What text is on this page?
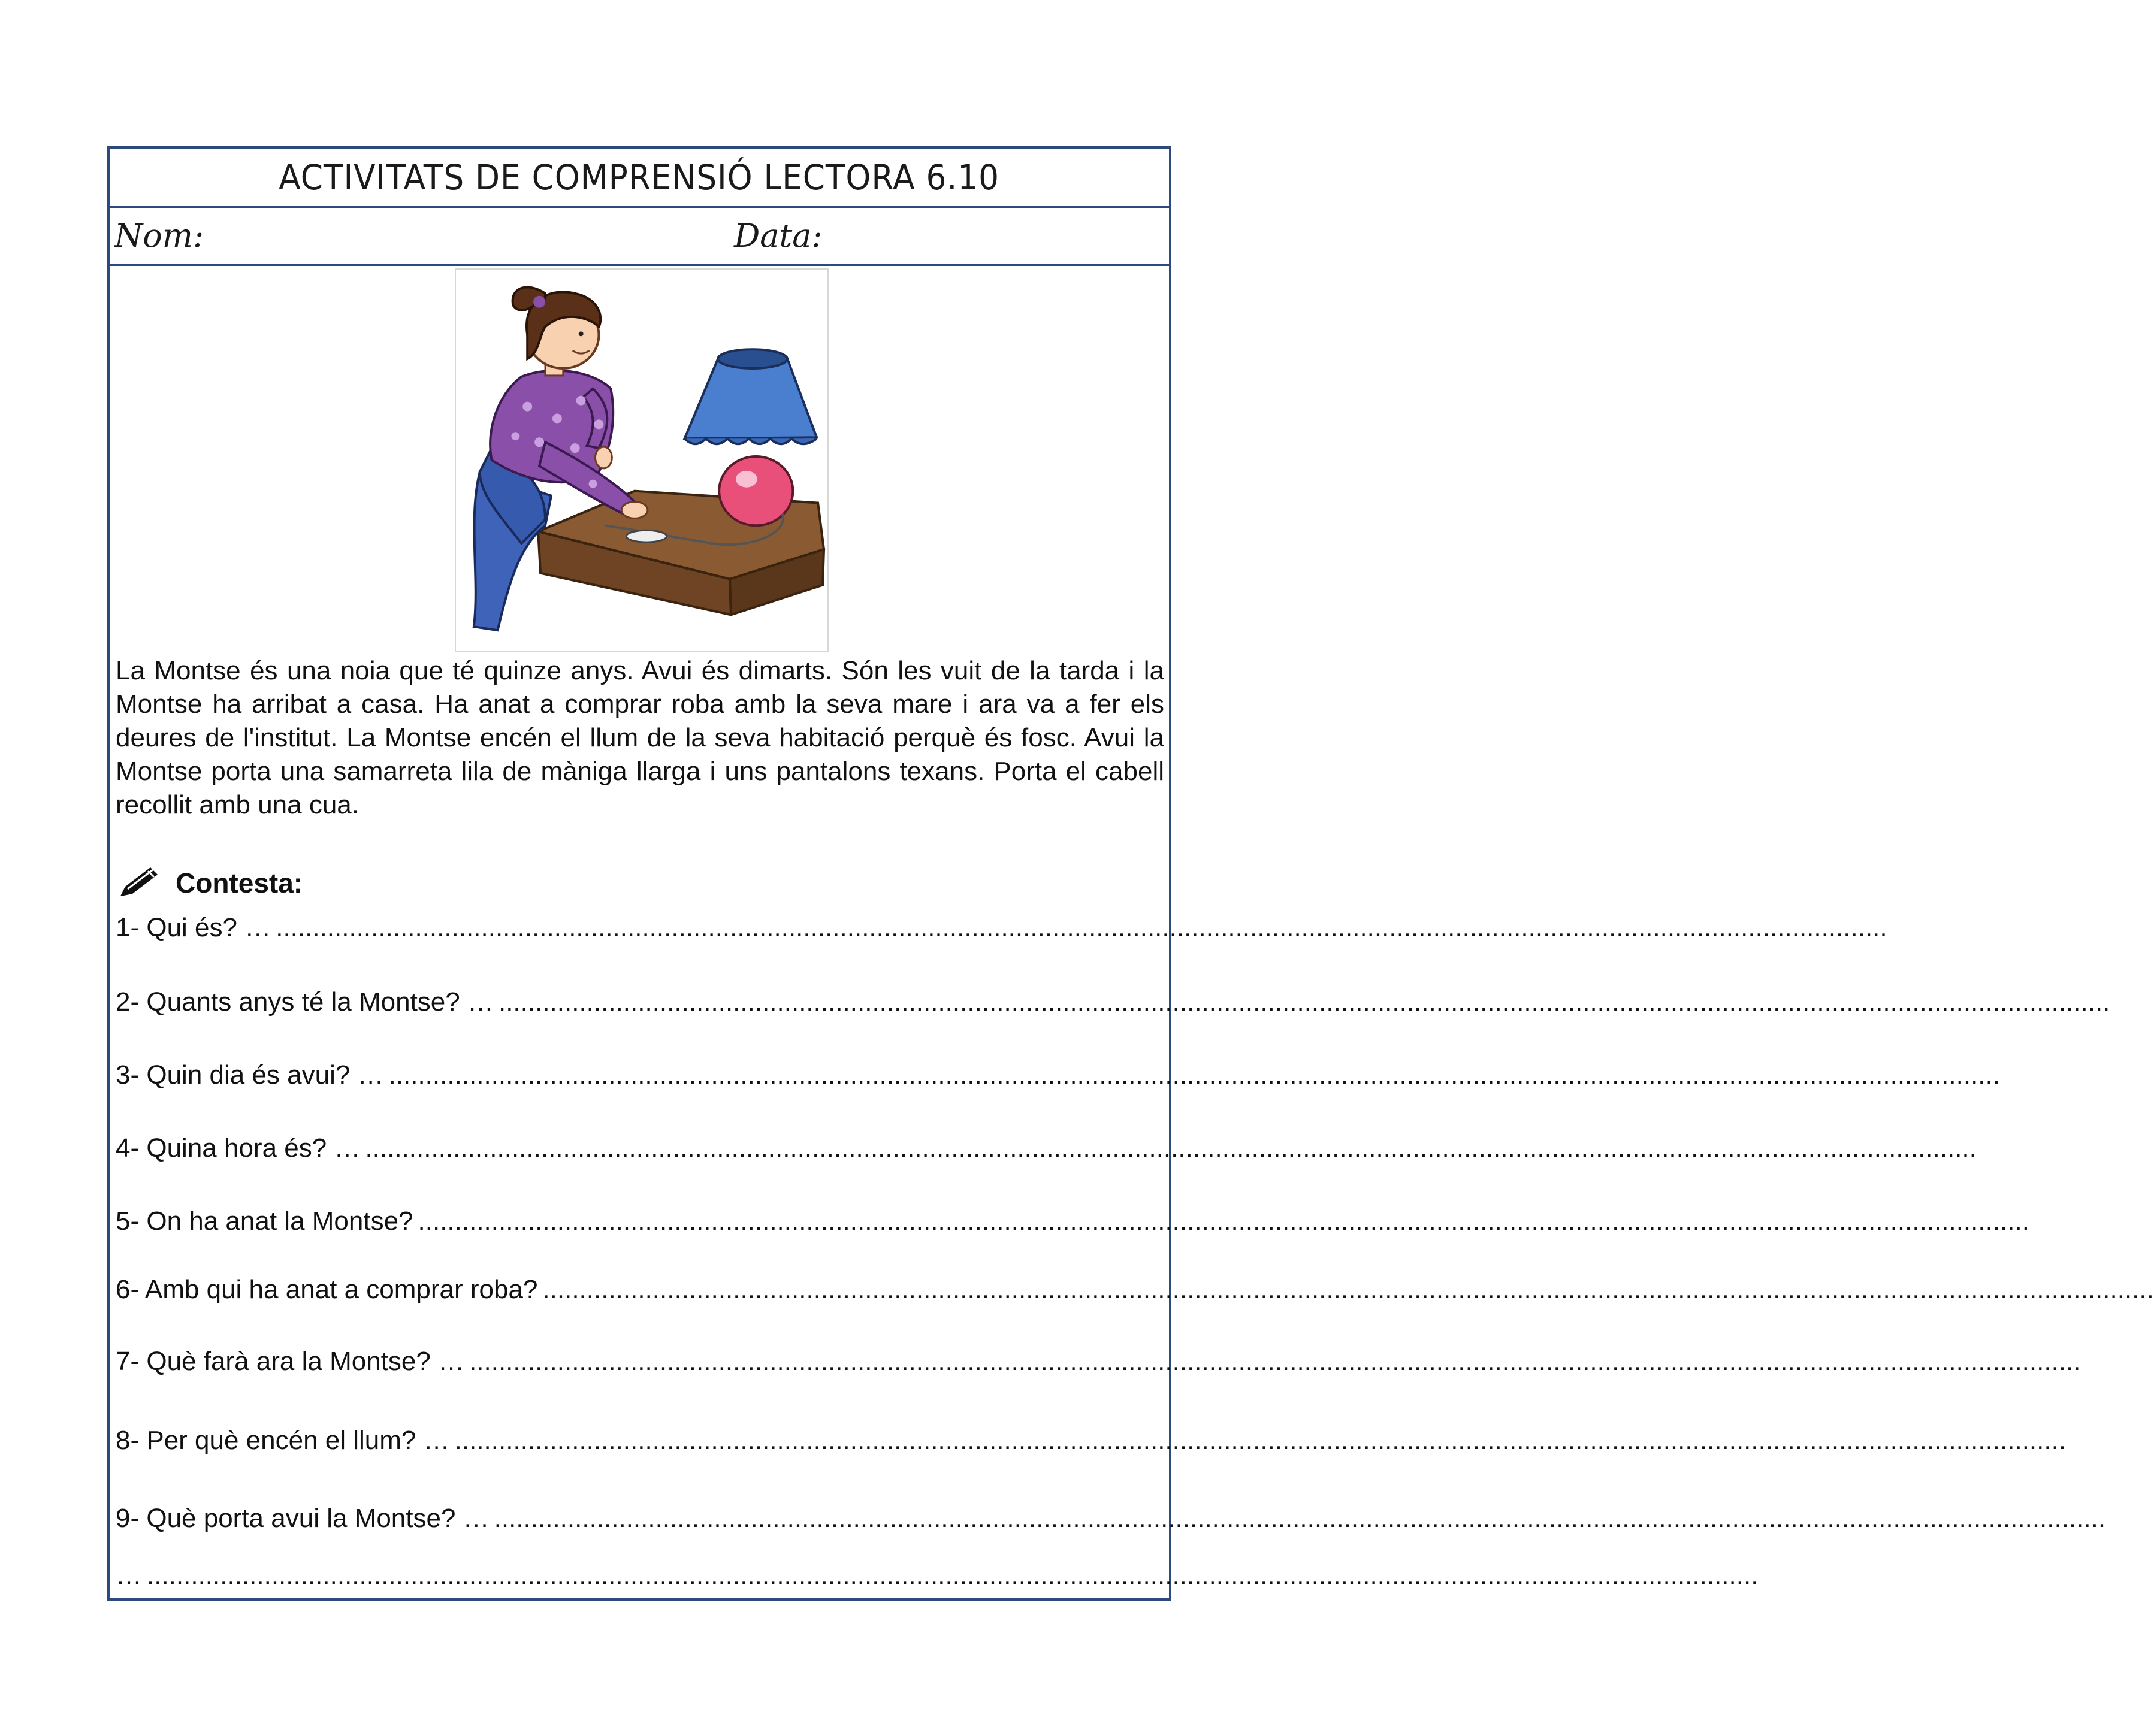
ACTIVITATS DE COMPRENSIÓ LECTORA 6.10
Nom:	Data:

La Montse és una noia que té quinze anys. Avui és dimarts. Són les vuit de la tarda i la Montse ha arribat a casa. Ha anat a comprar roba amb la seva mare i ara va a fer els deures de l'institut. La Montse encén el llum de la seva habitació perquè és fosc. Avui la Montse porta una samarreta lila de màniga llarga i uns pantalons texans. Porta el cabell recollit amb una cua.

Contesta:
1- Qui és? … ............................................................................................................................................................................................................................
2- Quants anys té la Montse? … ............................................................................................................................................................................................................................
3- Quin dia és avui? … ............................................................................................................................................................................................................................
4- Quina hora és? … ............................................................................................................................................................................................................................
5- On ha anat la Montse? ............................................................................................................................................................................................................................
6- Amb qui ha anat a comprar roba? ............................................................................................................................................................................................................................
7- Què farà ara la Montse? … ............................................................................................................................................................................................................................
8- Per què encén el llum? … ............................................................................................................................................................................................................................
9- Què porta avui la Montse? … ............................................................................................................................................................................................................................
… ............................................................................................................................................................................................................................
